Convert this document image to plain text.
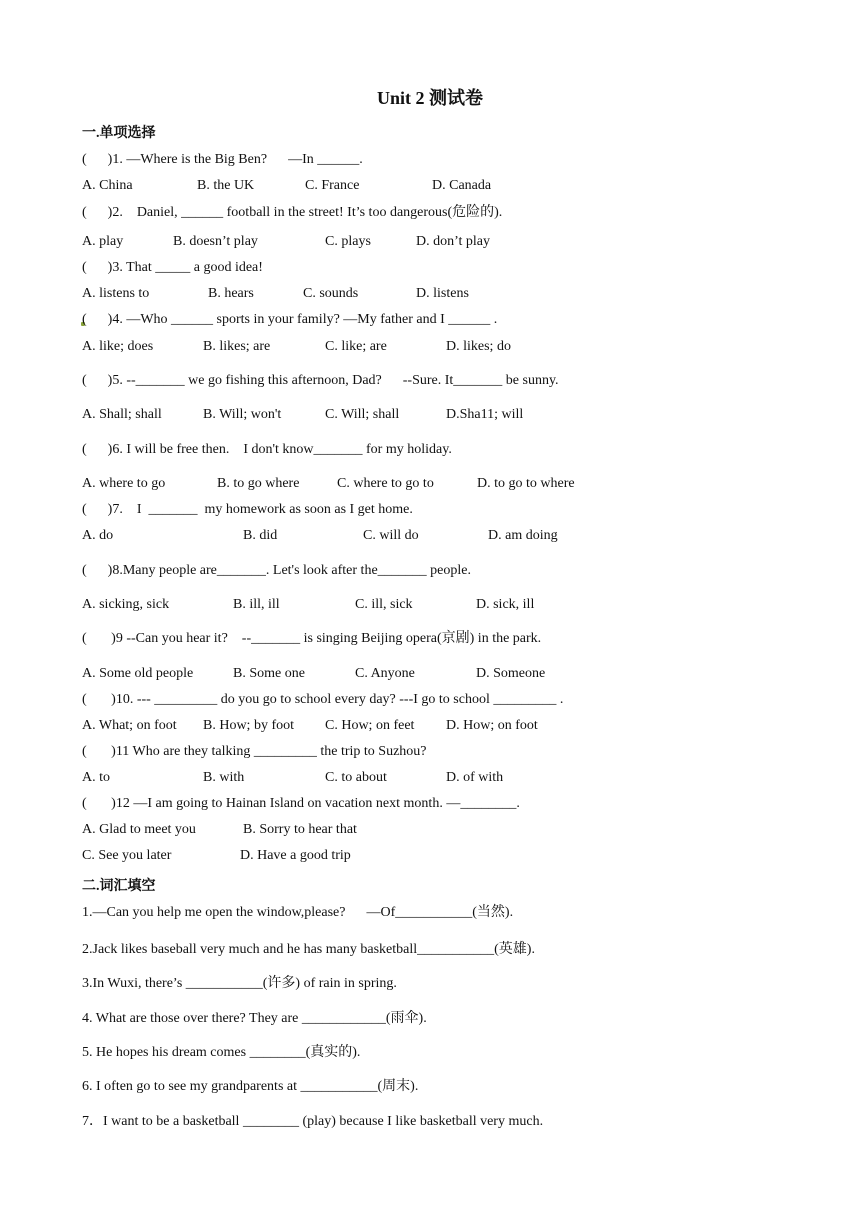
Unit 2 测试卷
一.单项选择
(      )1. —Where is the Big Ben?      —In ______.
A. China	B. the UK	C. France	D. Canada
(      )2.    Daniel, ______ football in the street! It’s too dangerous(危险的).
A. play	B. doesn’t play	C. plays	D. don’t play
(      )3. That _____ a good idea!
A. listens to	B. hears	C. sounds	D. listens
(      )4. —Who ______ sports in your family? —My father and I ______ .
A. like; does	B. likes; are	C. like; are	D. likes; do
(      )5. --_______ we go fishing this afternoon, Dad?      --Sure. It_______ be sunny.
A. Shall; shall	B. Will; won't	C. Will; shall	D.Sha11; will
(      )6. I will be free then.    I don't know_______ for my holiday.
A. where to go	B. to go where	C. where to go to	D. to go to where
(      )7.    I  _______  my homework as soon as I get home.
A. do	B. did	C. will do	D. am doing
(      )8.Many people are_______. Let's look after the_______ people.
A. sicking, sick	B. ill, ill	C. ill, sick	D. sick, ill
(       )9 --Can you hear it?    --_______ is singing Beijing opera(京剧) in the park.
A. Some old people	B. Some one	C. Anyone	D. Someone
(       )10. --- _________ do you go to school every day? ---I go to school _________ .
A. What; on foot B. How; by foot C. How; on feet D. How; on foot
(       )11 Who are they talking _________ the trip to Suzhou?
A. to	B. with	C. to about	D. of with
(       )12 —I am going to Hainan Island on vacation next month. —________.
A. Glad to meet you	B. Sorry to hear that
C. See you later	D. Have a good trip
二.词汇填空
1.—Can you help me open the window,please?      —Of___________(当然).
2.Jack likes baseball very much and he has many basketball___________(英雄).
3.In Wuxi, there’s ___________(许多) of rain in spring.
4. What are those over there? They are ____________(雨伞).
5. He hopes his dream comes ________(真实的).
6. I often go to see my grandparents at ___________(周末).
7．I want to be a basketball ________ (play) because I like basketball very much.
